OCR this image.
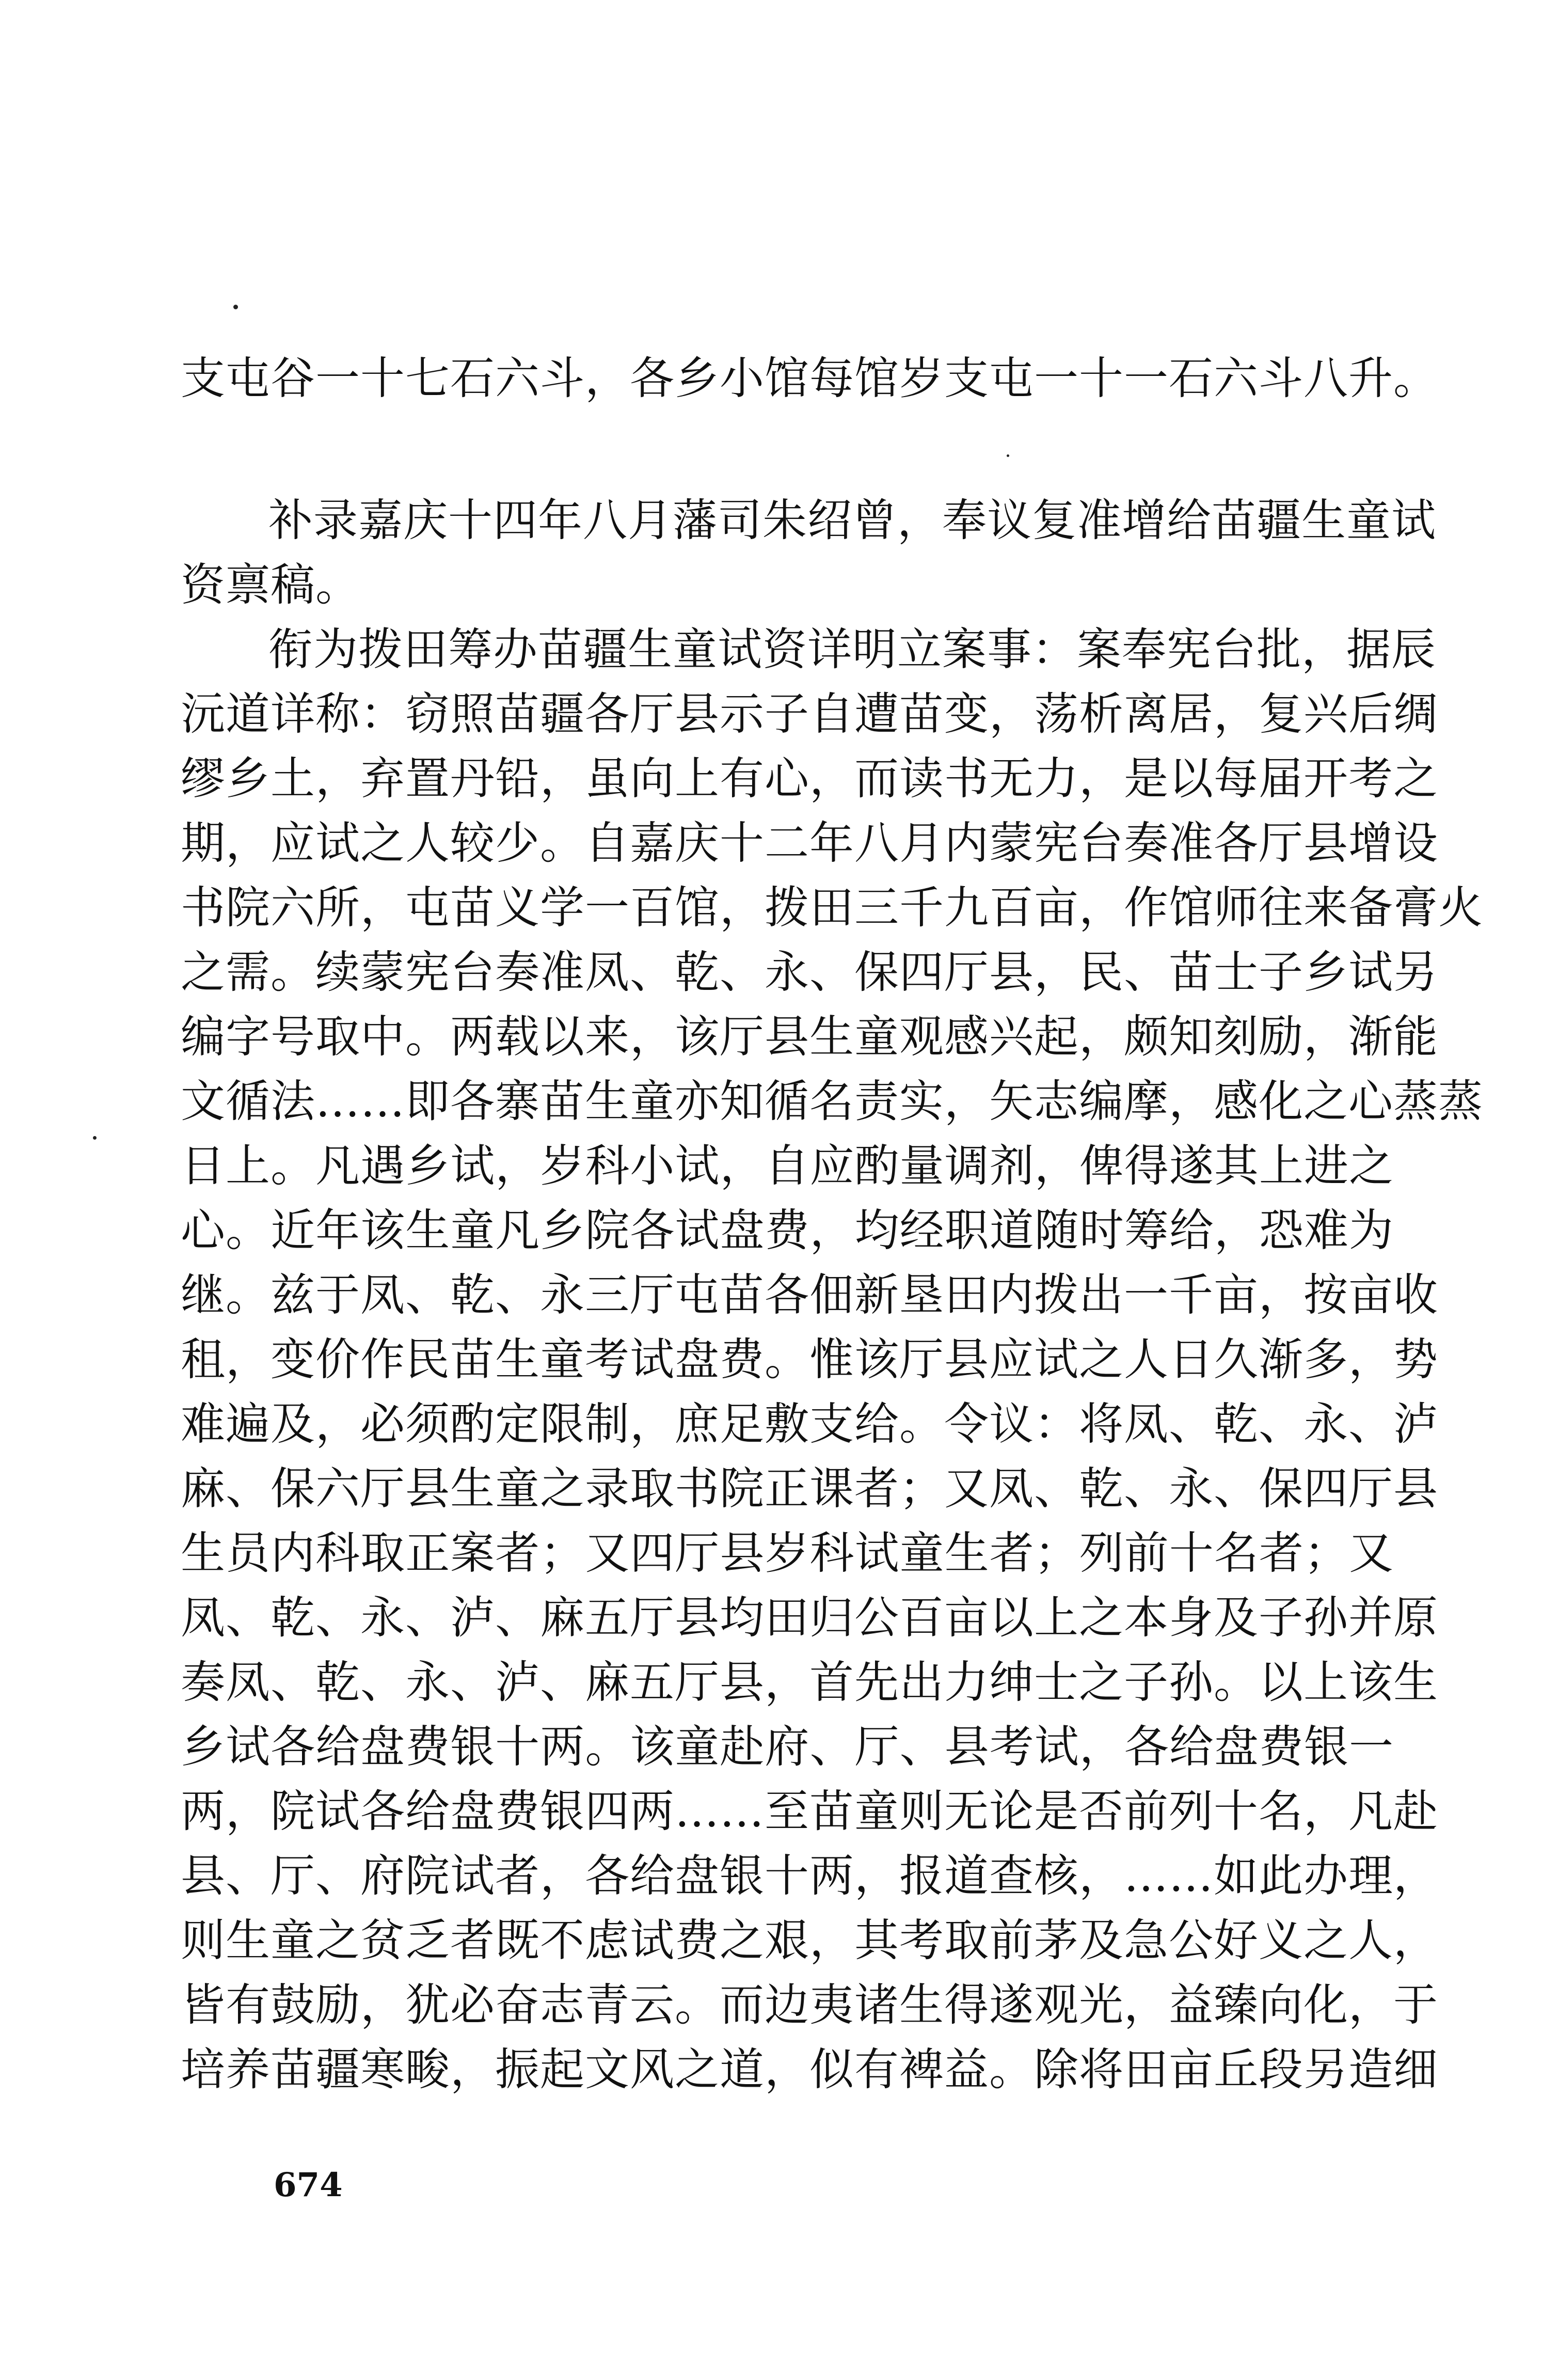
支屯谷一十七石六斗，各乡小馆每馆岁支屯一十一石六斗八升。
补录嘉庆十四年八月藩司朱绍曾，奉议复准增给苗疆生童试
资禀稿。
衔为拨田筹办苗疆生童试资详明立案事：案奉宪台批，据辰
沅道详称：窃照苗疆各厅县示子自遭苗变，荡析离居，复兴后绸
缪乡土，弃置丹铅，虽向上有心，而读书无力，是以每届开考之
期，应试之人较少。自嘉庆十二年八月内蒙宪台奏准各厅县增设
书院六所，屯苗义学一百馆，拨田三千九百亩，作馆师往来备膏火
之需。续蒙宪台奏准凤、乾、永、保四厅县，民、苗士子乡试另
编字号取中。两载以来，该厅县生童观感兴起，颇知刻励，渐能
文循法……即各寨苗生童亦知循名责实，矢志编摩，感化之心蒸蒸
日上。凡遇乡试，岁科小试，自应酌量调剂，俾得遂其上进之
心。近年该生童凡乡院各试盘费，均经职道随时筹给，恐难为
继。兹于凤、乾、永三厅屯苗各佃新垦田内拨出一千亩，按亩收
租，变价作民苗生童考试盘费。惟该厅县应试之人日久渐多，势
难遍及，必须酌定限制，庶足敷支给。令议：将凤、乾、永、泸
麻、保六厅县生童之录取书院正课者；又凤、乾、永、保四厅县
生员内科取正案者；又四厅县岁科试童生者；列前十名者；又
凤、乾、永、泸、麻五厅县均田归公百亩以上之本身及子孙并原
奏凤、乾、永、泸、麻五厅县，首先出力绅士之子孙。以上该生
乡试各给盘费银十两。该童赴府、厅、县考试，各给盘费银一
两，院试各给盘费银四两……至苗童则无论是否前列十名，凡赴
县、厅、府院试者，各给盘银十两，报道查核，……如此办理，
则生童之贫乏者既不虑试费之艰，其考取前茅及急公好义之人，
皆有鼓励，犹必奋志青云。而边夷诸生得遂观光，益臻向化，于
培养苗疆寒畯，振起文风之道，似有裨益。除将田亩丘段另造细
674
